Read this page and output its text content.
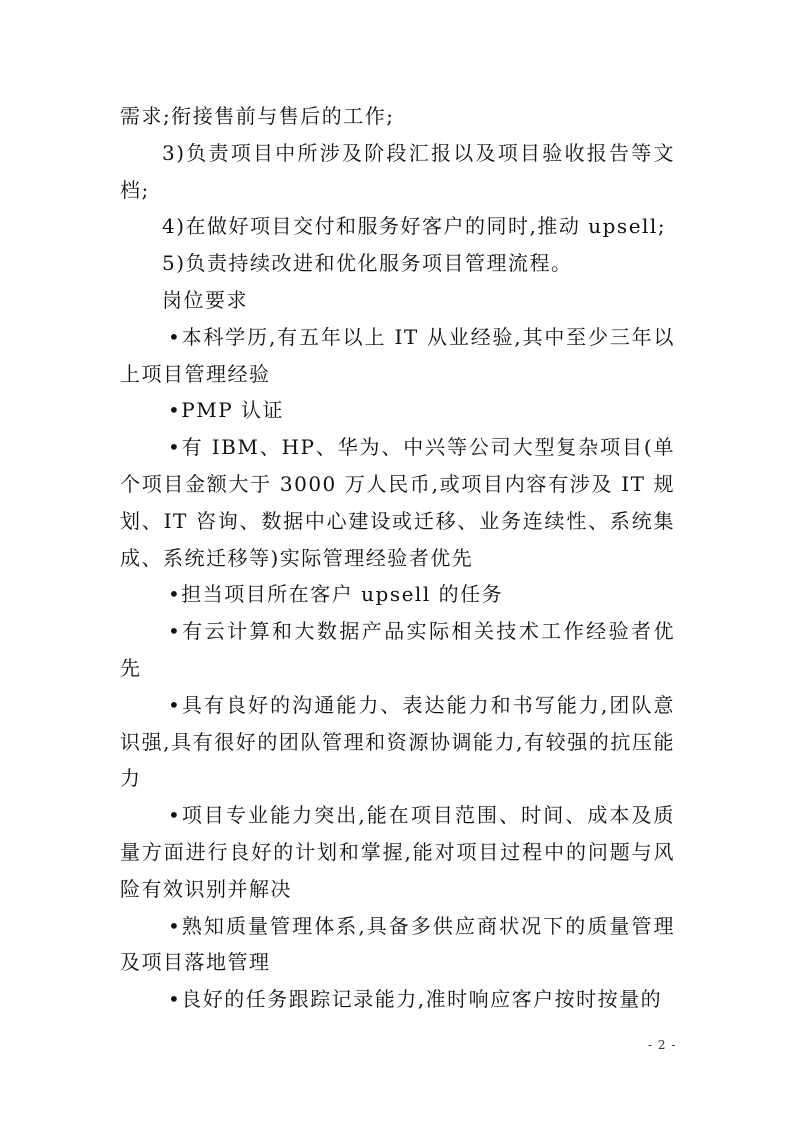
需求;衔接售前与售后的工作;

3)负责项目中所涉及阶段汇报以及项目验收报告等文档;

4)在做好项目交付和服务好客户的同时,推动 upsell;

5)负责持续改进和优化服务项目管理流程。

岗位要求

•本科学历,有五年以上 IT 从业经验,其中至少三年以上项目管理经验

•PMP 认证

•有 IBM、HP、华为、中兴等公司大型复杂项目(单个项目金额大于 3000 万人民币,或项目内容有涉及 IT 规划、IT 咨询、数据中心建设或迁移、业务连续性、系统集成、系统迁移等)实际管理经验者优先

•担当项目所在客户 upsell 的任务

•有云计算和大数据产品实际相关技术工作经验者优先

•具有良好的沟通能力、表达能力和书写能力,团队意识强,具有很好的团队管理和资源协调能力,有较强的抗压能力

•项目专业能力突出,能在项目范围、时间、成本及质量方面进行良好的计划和掌握,能对项目过程中的问题与风险有效识别并解决

•熟知质量管理体系,具备多供应商状况下的质量管理及项目落地管理

•良好的任务跟踪记录能力,准时响应客户按时按量的

- 2 -
